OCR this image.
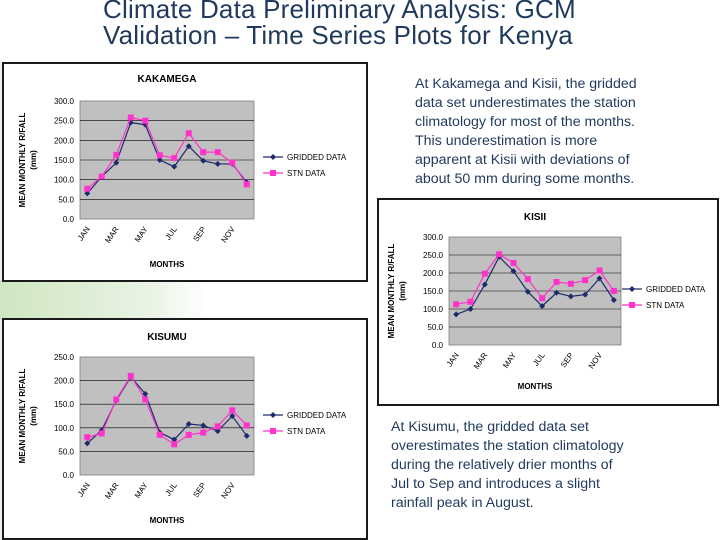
Climate Data Preliminary Analysis: GCM
Validation – Time Series Plots for Kenya
KAKAMEGA
0.0
50.0
100.0
150.0
200.0
250.0
300.0
JAN MAR MAY JUL SEP NOV
MONTHS
MEAN MONTHLY R/FALL (mm)	GRIDDED DATA
STN DATA
KISII
0.0
50.0
100.0
150.0
200.0
250.0
300.0
JAN MAR MAY JUL SEP NOV
MONTHS
MEAN MONTHLY R/FALL (mm)	GRIDDED DATA
STN DATA
KISUMU
0.0
50.0
100.0
150.0
200.0
250.0
JAN MAR MAY JUL SEP NOV
MONTHS
MEAN MONTHLY R/FALL (mm)	GRIDDED DATA
STN DATA
At Kakamega and Kisii, the gridded
data set underestimates the station
climatology for most of the months.
This underestimation is more
apparent at Kisii with deviations of
about 50 mm during some months.
At Kisumu, the gridded data set
overestimates the station climatology
during the relatively drier months of
Jul to Sep and introduces a slight
rainfall peak in August.
